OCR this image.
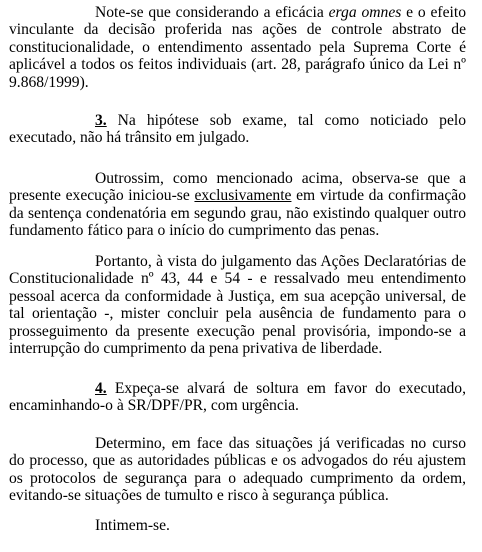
Note-se que considerando a eficácia erga omnes e o efeito
vinculante da decisão proferida nas ações de controle abstrato de
constitucionalidade, o entendimento assentado pela Suprema Corte é
aplicável a todos os feitos individuais (art. 28, parágrafo único da Lei nº
9.868/1999).

3. Na hipótese sob exame, tal como noticiado pelo
executado, não há trânsito em julgado.

Outrossim, como mencionado acima, observa-se que a
presente execução iniciou-se exclusivamente em virtude da confirmação
da sentença condenatória em segundo grau, não existindo qualquer outro
fundamento fático para o início do cumprimento das penas.

Portanto, à vista do julgamento das Ações Declaratórias de
Constitucionalidade nº 43, 44 e 54 - e ressalvado meu entendimento
pessoal acerca da conformidade à Justiça, em sua acepção universal, de
tal orientação -, mister concluir pela ausência de fundamento para o
prosseguimento da presente execução penal provisória, impondo-se a
interrupção do cumprimento da pena privativa de liberdade.

4. Expeça-se alvará de soltura em favor do executado,
encaminhando-o à SR/DPF/PR, com urgência.

Determino, em face das situações já verificadas no curso
do processo, que as autoridades públicas e os advogados do réu ajustem
os protocolos de segurança para o adequado cumprimento da ordem,
evitando-se situações de tumulto e risco à segurança pública.

Intimem-se.
